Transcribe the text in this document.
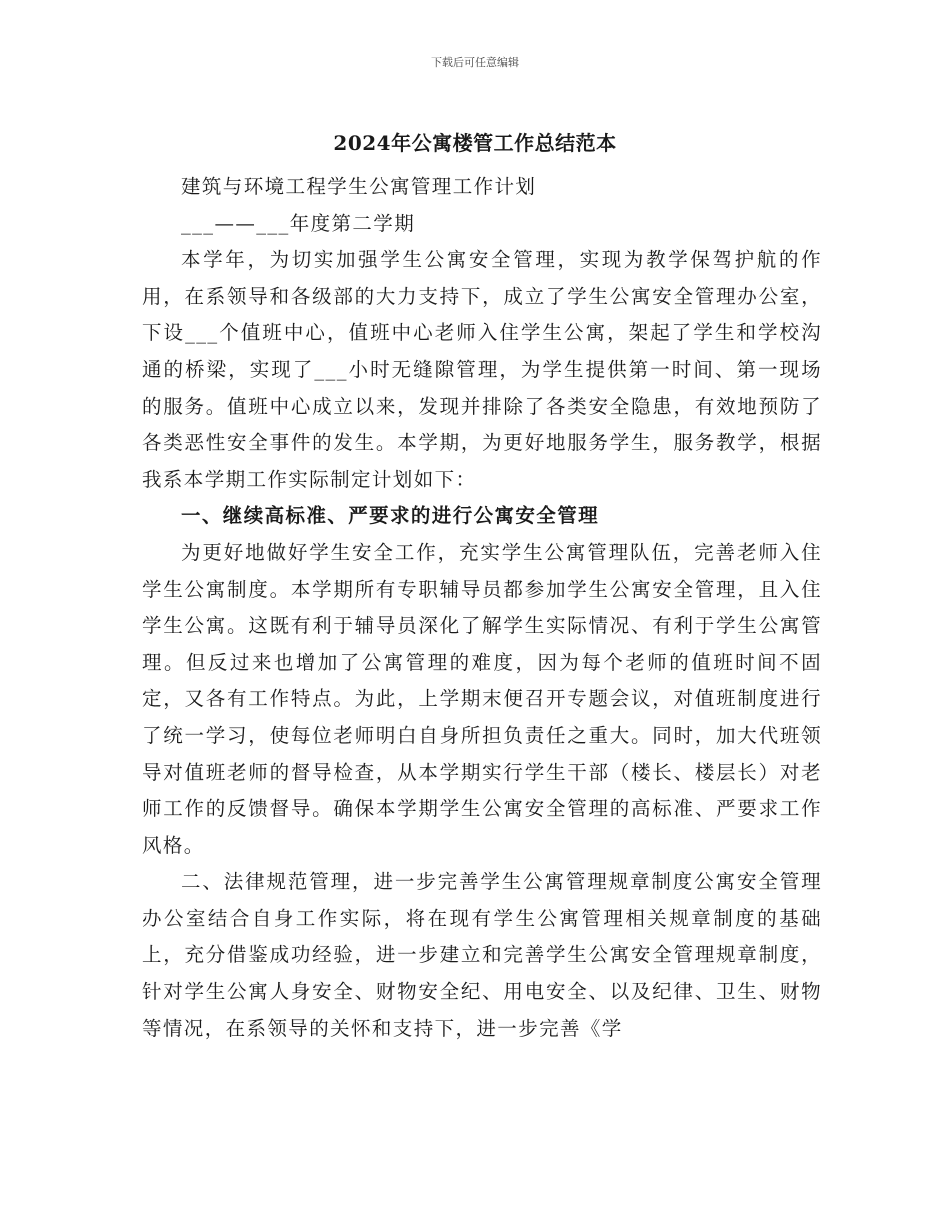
下载后可任意编辑
2024年公寓楼管工作总结范本

建筑与环境工程学生公寓管理工作计划

___——___年度第二学期

本学年，为切实加强学生公寓安全管理，实现为教学保驾护航的作用，在系领导和各级部的大力支持下，成立了学生公寓安全管理办公室，下设___个值班中心，值班中心老师入住学生公寓，架起了学生和学校沟通的桥梁，实现了___小时无缝隙管理，为学生提供第一时间、第一现场的服务。值班中心成立以来，发现并排除了各类安全隐患，有效地预防了各类恶性安全事件的发生。本学期，为更好地服务学生，服务教学，根据我系本学期工作实际制定计划如下：

一、继续高标准、严要求的进行公寓安全管理

为更好地做好学生安全工作，充实学生公寓管理队伍，完善老师入住学生公寓制度。本学期所有专职辅导员都参加学生公寓安全管理，且入住学生公寓。这既有利于辅导员深化了解学生实际情况、有利于学生公寓管理。但反过来也增加了公寓管理的难度，因为每个老师的值班时间不固定，又各有工作特点。为此，上学期末便召开专题会议，对值班制度进行了统一学习，使每位老师明白自身所担负责任之重大。同时，加大代班领导对值班老师的督导检查，从本学期实行学生干部（楼长、楼层长）对老师工作的反馈督导。确保本学期学生公寓安全管理的高标准、严要求工作风格。

二、法律规范管理，进一步完善学生公寓管理规章制度公寓安全管理办公室结合自身工作实际，将在现有学生公寓管理相关规章制度的基础上，充分借鉴成功经验，进一步建立和完善学生公寓安全管理规章制度，针对学生公寓人身安全、财物安全纪、用电安全、以及纪律、卫生、财物等情况，在系领导的关怀和支持下，进一步完善《学
